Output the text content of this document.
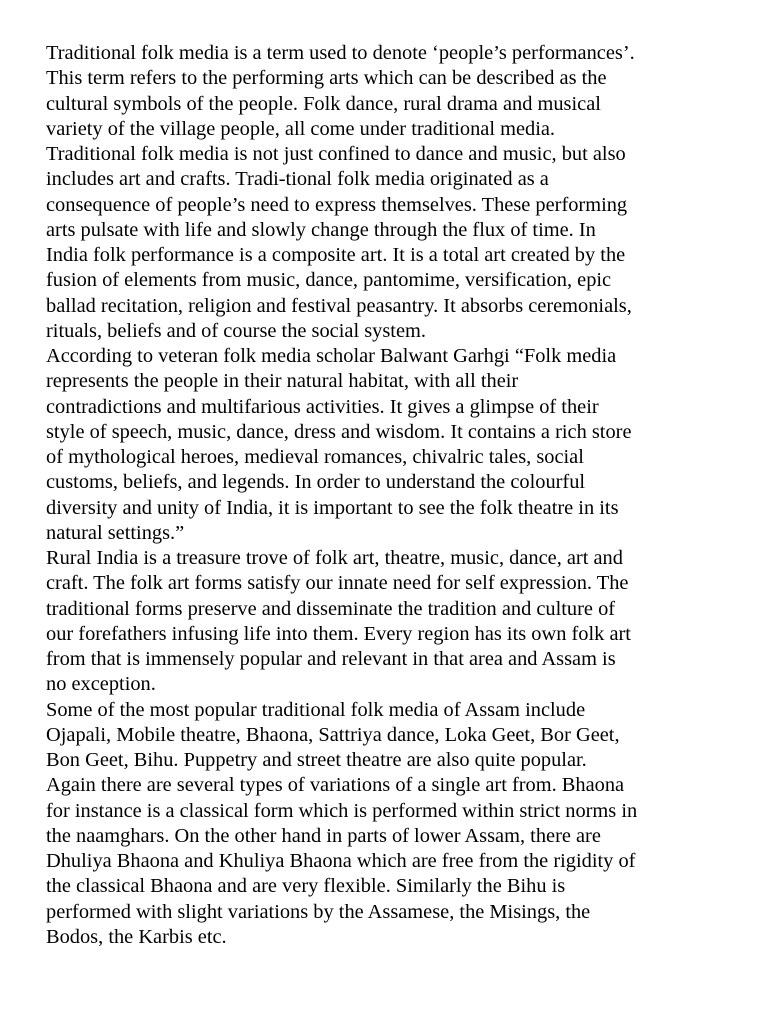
Traditional folk media is a term used to denote ‘people’s performances’.
This term refers to the performing arts which can be described as the
cultural symbols of the people. Folk dance, rural drama and musical
variety of the village people, all come under traditional media.
Traditional folk media is not just confined to dance and music, but also
includes art and crafts. Tradi-tional folk media originated as a
consequence of people’s need to express themselves. These performing
arts pulsate with life and slowly change through the flux of time. In
India folk performance is a composite art. It is a total art created by the
fusion of elements from music, dance, pantomime, versification, epic
ballad recitation, religion and festival peasantry. It absorbs ceremonials,
rituals, beliefs and of course the social system.
According to veteran folk media scholar Balwant Garhgi “Folk media
represents the people in their natural habitat, with all their
contradictions and multifarious activities. It gives a glimpse of their
style of speech, music, dance, dress and wisdom. It contains a rich store
of mythological heroes, medieval romances, chivalric tales, social
customs, beliefs, and legends. In order to understand the colourful
diversity and unity of India, it is important to see the folk theatre in its
natural settings.”
Rural India is a treasure trove of folk art, theatre, music, dance, art and
craft. The folk art forms satisfy our innate need for self expression. The
traditional forms preserve and disseminate the tradition and culture of
our forefathers infusing life into them. Every region has its own folk art
from that is immensely popular and relevant in that area and Assam is
no exception.
Some of the most popular traditional folk media of Assam include
Ojapali, Mobile theatre, Bhaona, Sattriya dance, Loka Geet, Bor Geet,
Bon Geet, Bihu. Puppetry and street theatre are also quite popular.
Again there are several types of variations of a single art from. Bhaona
for instance is a classical form which is performed within strict norms in
the naamghars. On the other hand in parts of lower Assam, there are
Dhuliya Bhaona and Khuliya Bhaona which are free from the rigidity of
the classical Bhaona and are very flexible. Similarly the Bihu is
performed with slight variations by the Assamese, the Misings, the
Bodos, the Karbis etc.
